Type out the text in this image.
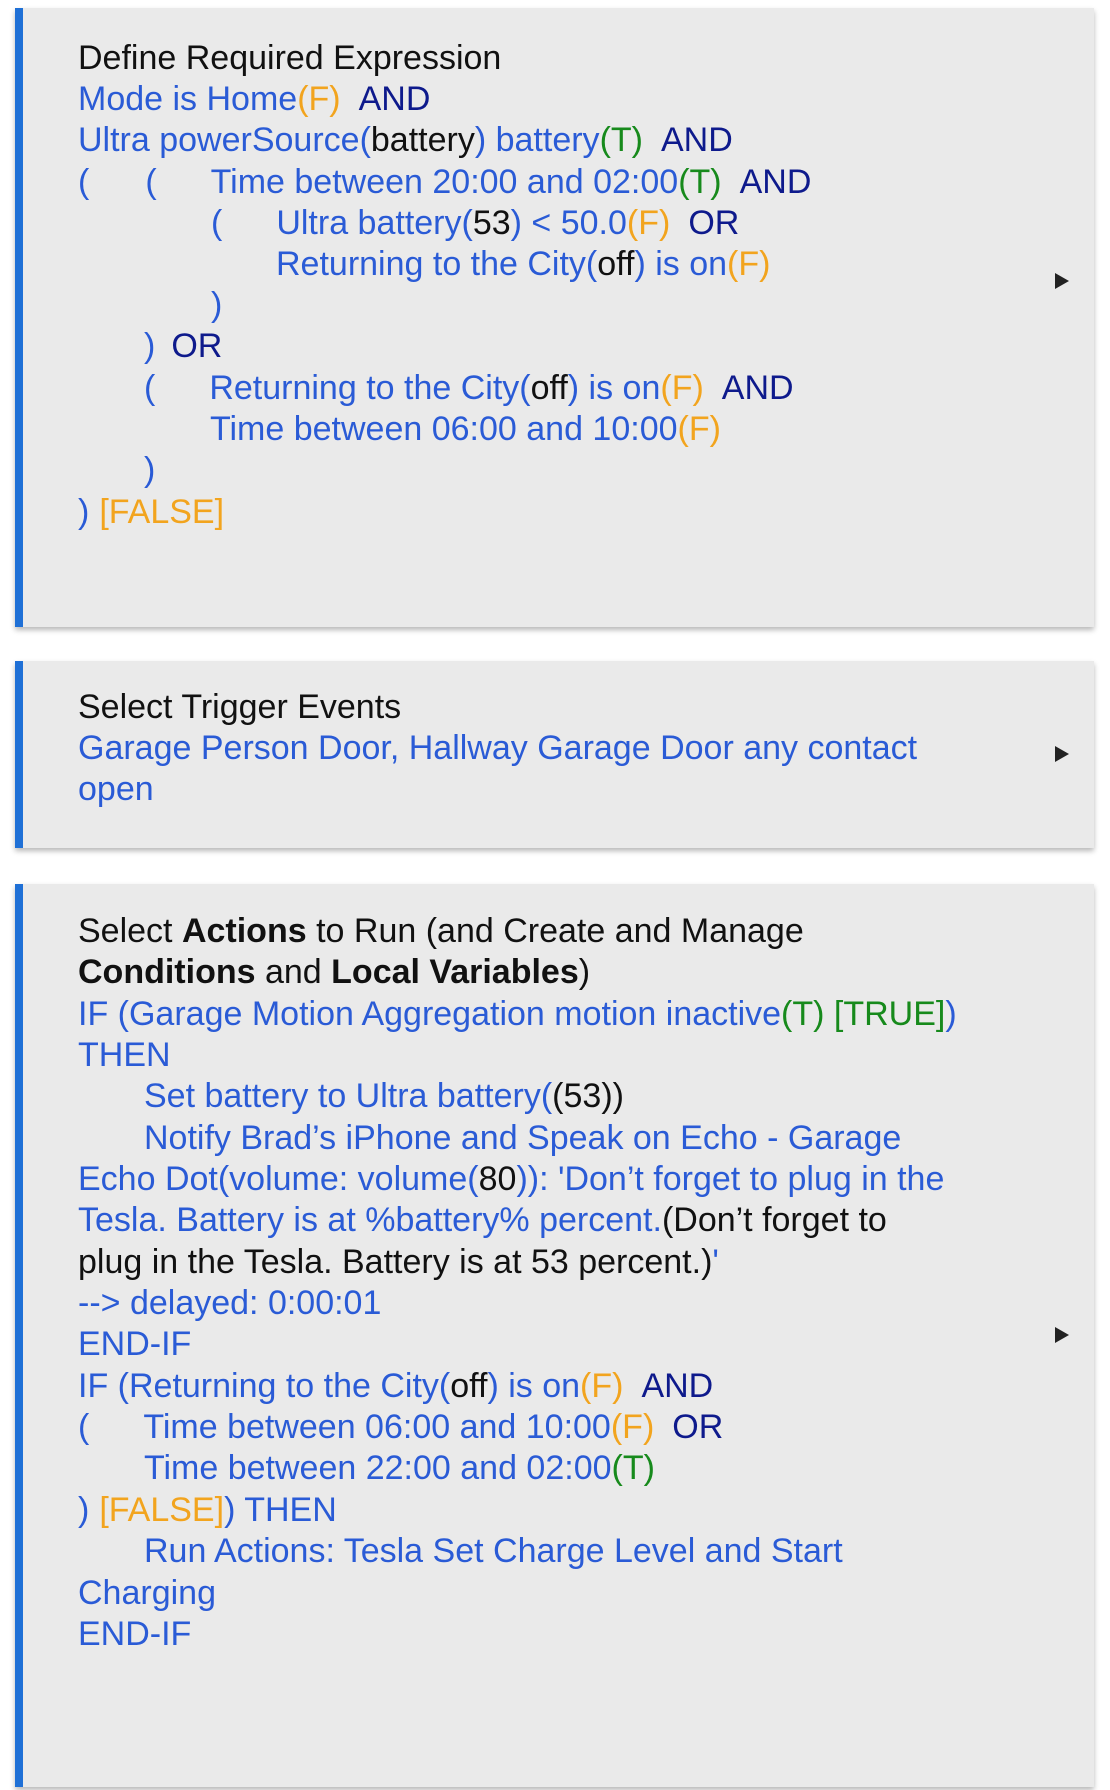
Define Required Expression
Mode is Home(F) AND
Ultra powerSource(battery) battery(T) AND
( ( Time between 20:00 and 02:00(T) AND
( Ultra battery(53) < 50.0(F) OR
Returning to the City(off) is on(F)
)
) OR
( Returning to the City(off) is on(F) AND
Time between 06:00 and 10:00(F)
)
) [FALSE]
Select Trigger Events
Garage Person Door, Hallway Garage Door any contact
open
Select Actions to Run (and Create and Manage
Conditions and Local Variables)
IF (Garage Motion Aggregation motion inactive(T) [TRUE])
THEN
Set battery to Ultra battery((53))
Notify Brad’s iPhone and Speak on Echo - Garage
Echo Dot(volume: volume(80)): 'Don’t forget to plug in the
Tesla. Battery is at %battery% percent.(Don’t forget to
plug in the Tesla. Battery is at 53 percent.)'
--> delayed: 0:00:01
END-IF
IF (Returning to the City(off) is on(F) AND
( Time between 06:00 and 10:00(F) OR
Time between 22:00 and 02:00(T)
) [FALSE]) THEN
Run Actions: Tesla Set Charge Level and Start
Charging
END-IF
